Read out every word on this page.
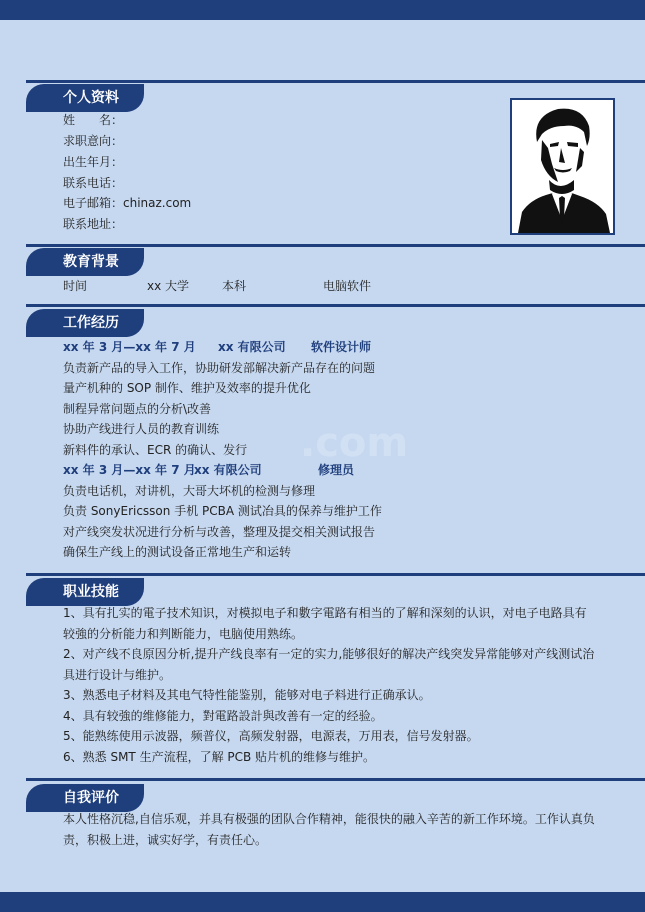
.com
个人资料
姓　　名：
求职意向：
出生年月：
联系电话：
电子邮箱：chinaz.com
联系地址：
教育背景
时间	xx 大学	本科	电脑软件
工作经历
xx 年 3 月—xx 年 7 月 xx 有限公司 软件设计师
负责新产品的导入工作，协助研发部解决新产品存在的问题
量产机种的 SOP 制作、维护及效率的提升优化
制程异常问题点的分析\改善
协助产线进行人员的教育训练
新料件的承认、ECR 的确认、发行
xx 年 3 月—xx 年 7 月
xx 有限公司	修理员
负责电话机，对讲机，大哥大坏机的检测与修理
负责 SonyEricsson 手机 PCBA 测试冶具的保养与维护工作
对产线突发状况进行分析与改善，整理及提交相关测试报告
确保生产线上的测试设备正常地生产和运转
职业技能
1、具有扎实的電子技术知识，对模拟电子和數字電路有相当的了解和深刻的认识，对电子电路具有较強的分析能力和判断能力，电脑使用熟练。
2、对产线不良原因分析,提升产线良率有一定的实力,能够很好的解决产线突发异常能够对产线测试治具进行设计与维护。
3、熟悉电子材料及其电气特性能鉴别，能够对电子料进行正确承认。
4、具有较強的维修能力，對電路設計與改善有一定的经验。
5、能熟练使用示波器，频普仪，高频发射器，电源表，万用表，信号发射器。
6、熟悉 SMT 生产流程，了解 PCB 贴片机的维修与维护。
自我评价
本人性格沉稳,自信乐观，并具有极强的团队合作精神，能很快的融入辛苦的新工作环境。工作认真负责，积极上进，诚实好学，有责任心。
